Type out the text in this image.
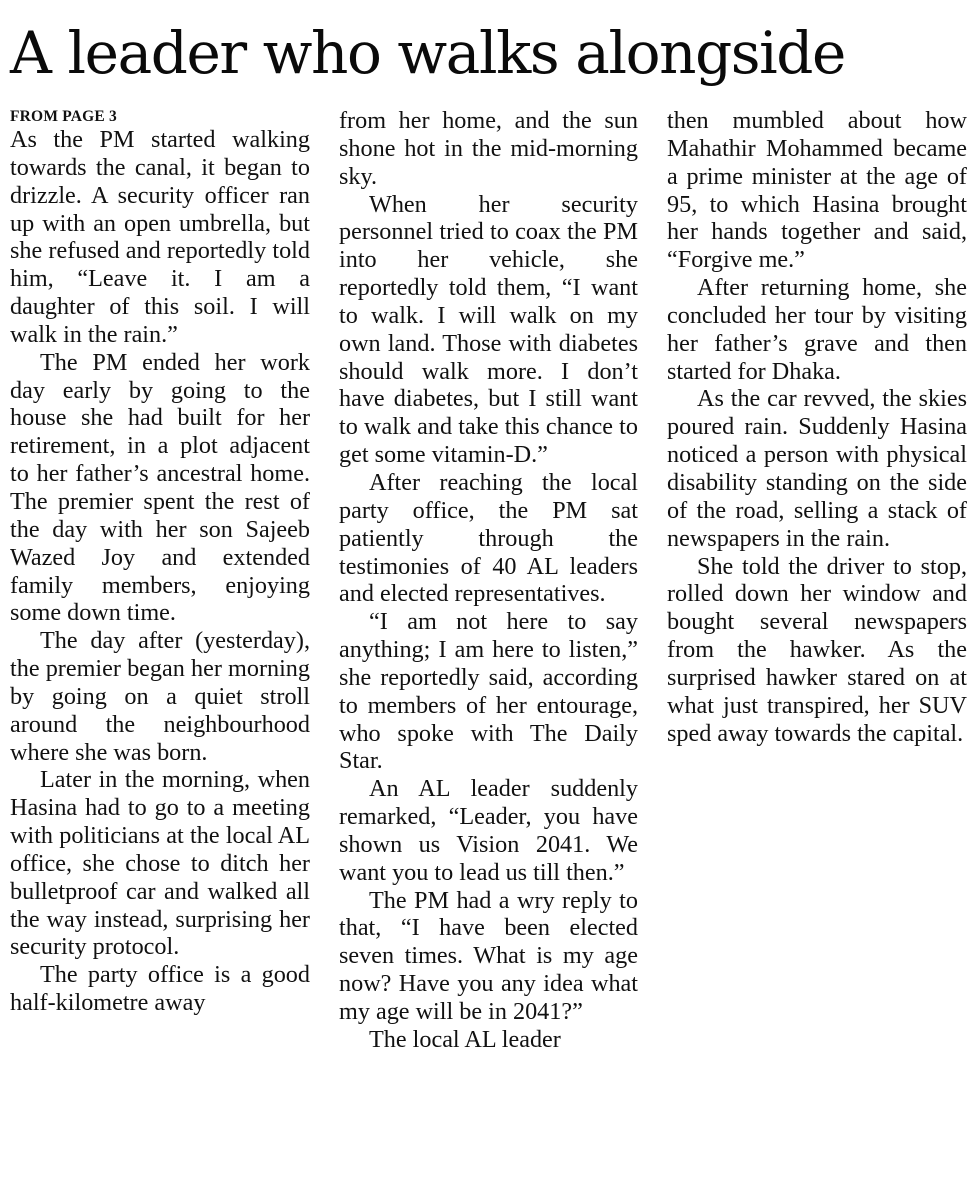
A leader who walks alongside
FROM PAGE 3

As the PM started walking towards the canal, it began to drizzle. A security officer ran up with an open umbrella, but she refused and reportedly told him, “Leave it. I am a daughter of this soil. I will walk in the rain.”

The PM ended her work day early by going to the house she had built for her retirement, in a plot adjacent to her father’s ancestral home. The premier spent the rest of the day with her son Sajeeb Wazed Joy and extended family members, enjoying some down time.

The day after (yesterday), the premier began her morning by going on a quiet stroll around the neighbourhood where she was born.

Later in the morning, when Hasina had to go to a meeting with politicians at the local AL office, she chose to ditch her bulletproof car and walked all the way instead, surprising her security protocol.

The party office is a good half-kilometre away

from her home, and the sun shone hot in the mid-morning sky.

When her security personnel tried to coax the PM into her vehicle, she reportedly told them, “I want to walk. I will walk on my own land. Those with diabetes should walk more. I don’t have diabetes, but I still want to walk and take this chance to get some vitamin-D.”

After reaching the local party office, the PM sat patiently through the testimonies of 40 AL leaders and elected representatives.

“I am not here to say anything; I am here to listen,” she reportedly said, according to members of her entourage, who spoke with The Daily Star.

An AL leader suddenly remarked, “Leader, you have shown us Vision 2041. We want you to lead us till then.”

The PM had a wry reply to that, “I have been elected seven times. What is my age now? Have you any idea what my age will be in 2041?”

The local AL leader

then mumbled about how Mahathir Mohammed became a prime minister at the age of 95, to which Hasina brought her hands together and said, “Forgive me.”

After returning home, she concluded her tour by visiting her father’s grave and then started for Dhaka.

As the car revved, the skies poured rain. Suddenly Hasina noticed a person with physical disability standing on the side of the road, selling a stack of newspapers in the rain.

She told the driver to stop, rolled down her window and bought several newspapers from the hawker. As the surprised hawker stared on at what just transpired, her SUV sped away towards the capital.
